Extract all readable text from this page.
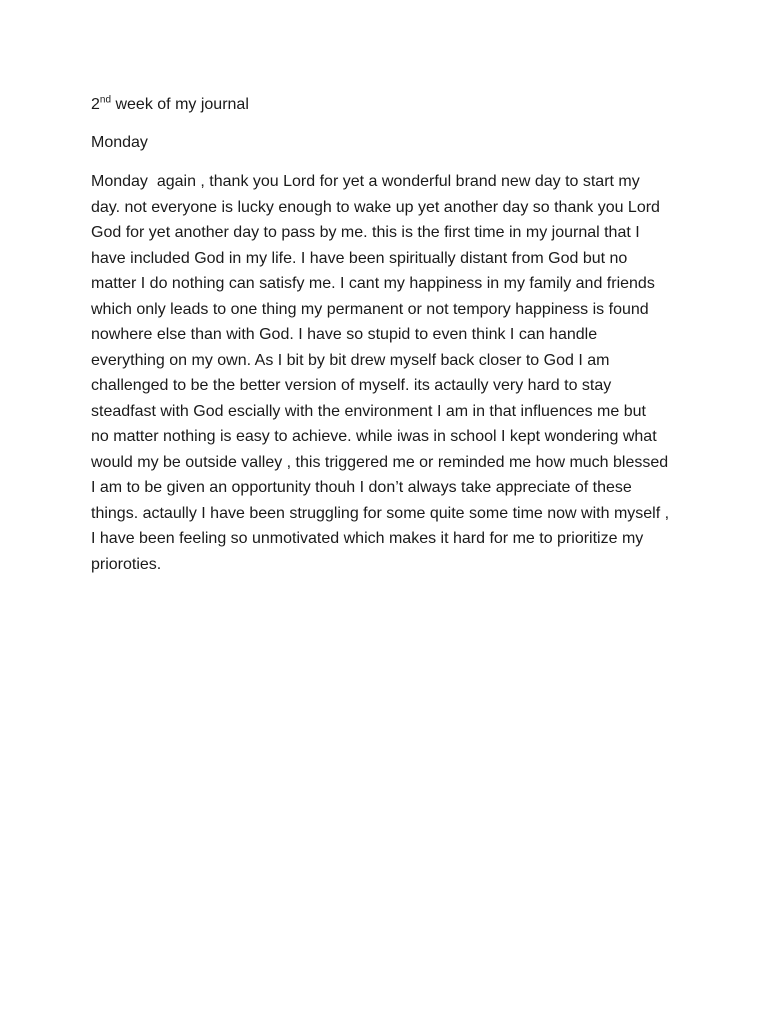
2nd week of my journal

Monday

Monday  again , thank you Lord for yet a wonderful brand new day to start my
day. not everyone is lucky enough to wake up yet another day so thank you Lord
God for yet another day to pass by me. this is the first time in my journal that I
have included God in my life. I have been spiritually distant from God but no
matter I do nothing can satisfy me. I cant my happiness in my family and friends
which only leads to one thing my permanent or not tempory happiness is found
nowhere else than with God. I have so stupid to even think I can handle
everything on my own. As I bit by bit drew myself back closer to God I am
challenged to be the better version of myself. its actaully very hard to stay
steadfast with God escially with the environment I am in that influences me but
no matter nothing is easy to achieve. while iwas in school I kept wondering what
would my be outside valley , this triggered me or reminded me how much blessed
I am to be given an opportunity thouh I don’t always take appreciate of these
things. actaully I have been struggling for some quite some time now with myself ,
I have been feeling so unmotivated which makes it hard for me to prioritize my
prioroties.
